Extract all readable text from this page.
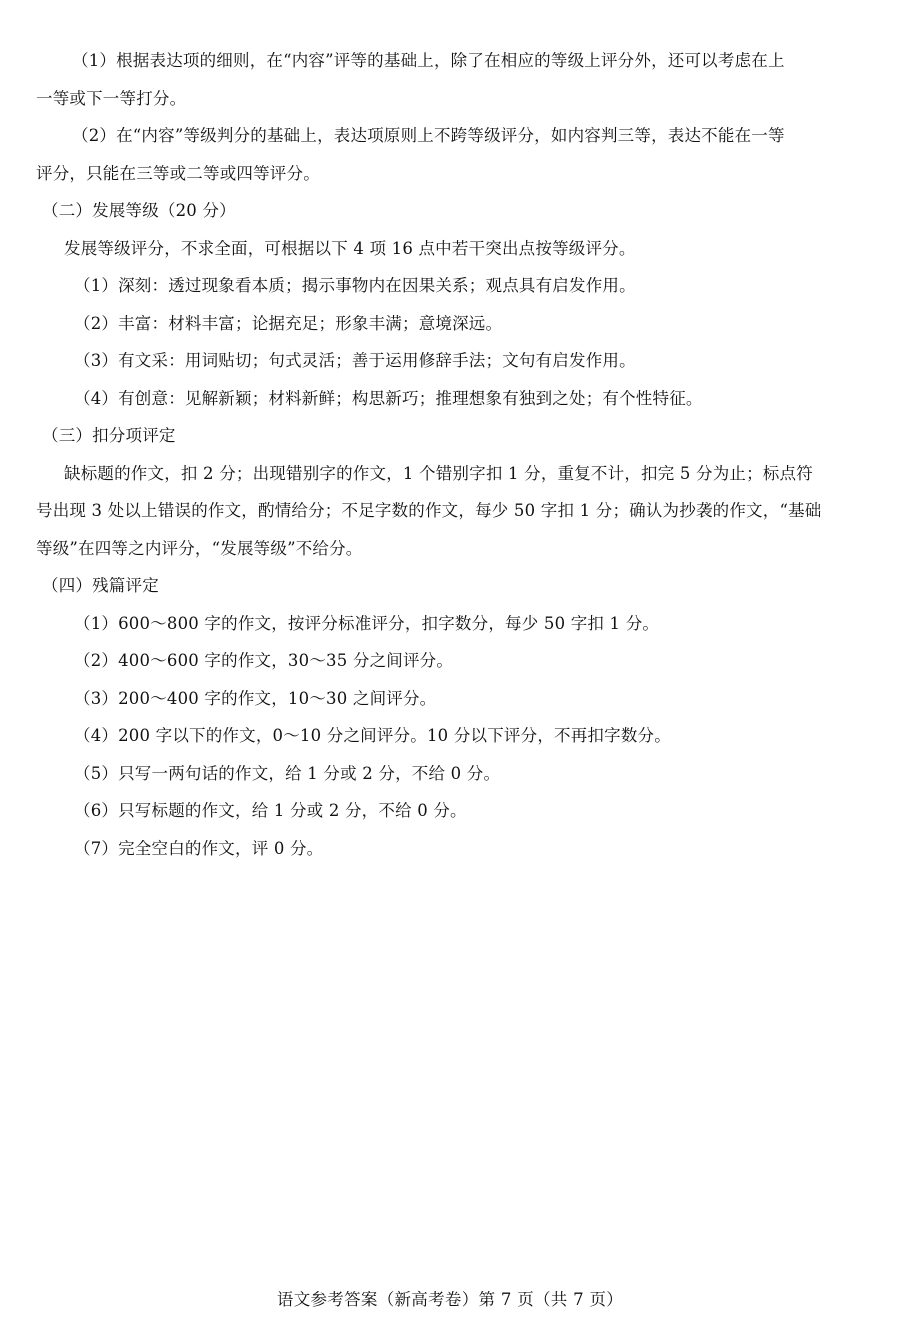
（1）根据表达项的细则，在“内容”评等的基础上，除了在相应的等级上评分外，还可以考虑在上
一等或下一等打分。
（2）在“内容”等级判分的基础上，表达项原则上不跨等级评分，如内容判三等，表达不能在一等
评分，只能在三等或二等或四等评分。
（二）发展等级（20 分）
发展等级评分，不求全面，可根据以下 4 项 16 点中若干突出点按等级评分。
（1）深刻：透过现象看本质；揭示事物内在因果关系；观点具有启发作用。
（2）丰富：材料丰富；论据充足；形象丰满；意境深远。
（3）有文采：用词贴切；句式灵活；善于运用修辞手法；文句有启发作用。
（4）有创意：见解新颖；材料新鲜；构思新巧；推理想象有独到之处；有个性特征。
（三）扣分项评定
缺标题的作文，扣 2 分；出现错别字的作文，1 个错别字扣 1 分，重复不计，扣完 5 分为止；标点符
号出现 3 处以上错误的作文，酌情给分；不足字数的作文，每少 50 字扣 1 分；确认为抄袭的作文，“基础
等级”在四等之内评分，“发展等级”不给分。
（四）残篇评定
（1）600～800 字的作文，按评分标准评分，扣字数分，每少 50 字扣 1 分。
（2）400～600 字的作文，30～35 分之间评分。
（3）200～400 字的作文，10～30 之间评分。
（4）200 字以下的作文，0～10 分之间评分。10 分以下评分，不再扣字数分。
（5）只写一两句话的作文，给 1 分或 2 分，不给 0 分。
（6）只写标题的作文，给 1 分或 2 分，不给 0 分。
（7）完全空白的作文，评 0 分。
语文参考答案（新高考卷）第 7 页（共 7 页）
